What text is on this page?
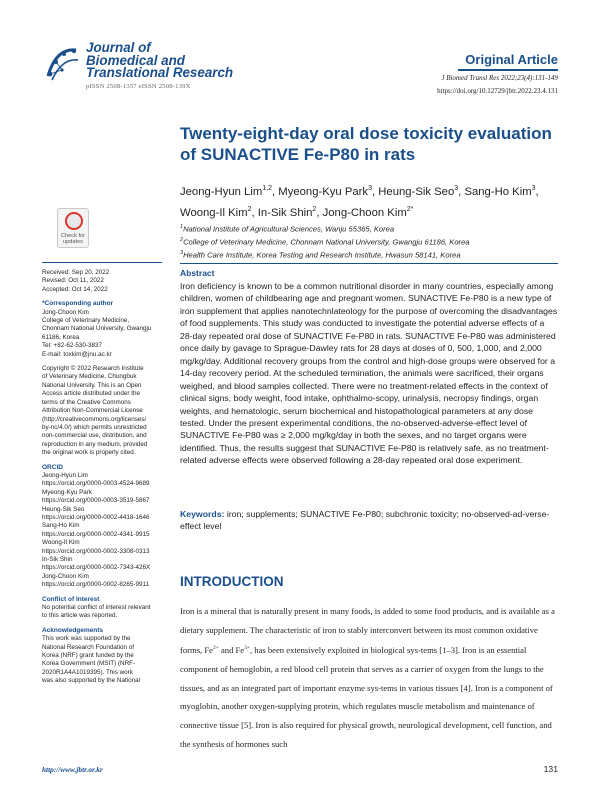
Journal of
Biomedical and
Translational Research
pISSN 2508-1357 eISSN 2508-139X
Original Article
J Biomed Transl Res 2022;23(4):131-149
https://doi.org/10.12729/jbtr.2022.23.4.131
Twenty-eight-day oral dose toxicity evaluation
of SUNACTIVE Fe-P80 in rats
Jeong-Hyun Lim$^{1,2}$, Myeong-Kyu Park$^3$, Heung-Sik Seo$^3$, Sang-Ho Kim$^3$,
Woong-Il Kim$^2$, In-Sik Shin$^2$, Jong-Choon Kim$^{2*}$
$^1$National Institute of Agricultural Sciences, Wanju 55365, Korea
$^2$College of Veterinary Medicine, Chonnam National University, Gwangju 61186, Korea
$^3$Health Care Institute, Korea Testing and Research Institute, Hwasun 58141, Korea
Check for
updates
Received: Sep 20, 2022
Revised: Oct 11, 2022
Accepted: Oct 14, 2022
*Corresponding author
Jong-Choon Kim
College of Veterinary Medicine,
Chonnam National University, Gwangju
61186, Korea
Tel: +82-62-530-3837
E-mail: toxkim@jnu.ac.kr
Copyright © 2022 Research Institute
of Veterinary Medicine, Chungbuk
National University. This is an Open
Access article distributed under the
terms of the Creative Commons
Attribution Non-Commercial License
(http://creativecommons.org/licenses/
by-nc/4.0/) which permits unrestricted
non-commercial use, distribution, and
reproduction in any medium, provided
the original work is properly cited.
ORCID
Jeong-Hyun Lim
https://orcid.org/0000-0003-4524-9689
Myeong-Kyu Park
https://orcid.org/0000-0003-3519-5867
Heung-Sik Seo
https://orcid.org/0000-0002-4418-1646
Sang-Ho Kim
https://orcid.org/0000-0002-4341-9915
Woong-Il Kim
https://orcid.org/0000-0002-3308-0313
In-Sik Shin
https://orcid.org/0000-0002-7343-426X
Jong-Choon Kim
https://orcid.org/0000-0002-8265-9911
Conflict of Interest
No potential conflict of interest relevant
to this article was reported.
Acknowledgements
This work was supported by the
National Research Foundation of
Korea (NRF) grant funded by the
Korea Government (MSIT) (NRF-
2020R1A4A1019395). This work
was also supported by the National
Abstract
Iron deficiency is known to be a common nutritional disorder in many countries, especially among children, women of childbearing age and pregnant women. SUNACTIVE Fe-P80 is a new type of iron supplement that applies nanotechnlateology for the purpose of overcoming the disadvantages of food supplements. This study was conducted to investigate the potential adverse effects of a 28-day repeated oral dose of SUNACTIVE Fe-P80 in rats. SUNACTIVE Fe-P80 was administered once daily by gavage to Sprague-Dawley rats for 28 days at doses of 0, 500, 1,000, and 2,000 mg/kg/day. Additional recovery groups from the control and high-dose groups were observed for a 14-day recovery period. At the scheduled termination, the animals were sacrificed, their organs weighed, and blood samples collected. There were no treatment-related effects in the context of clinical signs, body weight, food intake, ophthalmo-scopy, urinalysis, necropsy findings, organ weights, and hematologic, serum biochemical and histopathological parameters at any dose tested. Under the present experimental conditions, the no-observed-adverse-effect level of SUNACTIVE Fe-P80 was ≥ 2,000 mg/kg/day in both the sexes, and no target organs were identified. Thus, the results suggest that SUNACTIVE Fe-P80 is relatively safe, as no treatment-related adverse effects were observed following a 28-day repeated oral dose experiment.
Keywords: iron; supplements; SUNACTIVE Fe-P80; subchronic toxicity; no-observed-ad-verse-effect level
INTRODUCTION
Iron is a mineral that is naturally present in many foods, is added to some food products, and is available as a dietary supplement. The characteristic of iron to stably interconvert between its most common oxidative forms, $Fe^{2+}$ and $Fe^{3+}$, has been extensively exploited in biological sys-tems [1–3]. Iron is an essential component of hemoglobin, a red blood cell protein that serves as a carrier of oxygen from the lungs to the tissues, and as an integrated part of important enzyme sys-tems in various tissues [4]. Iron is a component of myoglobin, another oxygen-supplying protein, which regulates muscle metabolism and maintenance of connective tissue [5]. Iron is also required for physical growth, neurological development, cell function, and the synthesis of hormones such
http://www.jbtr.or.kr	131
